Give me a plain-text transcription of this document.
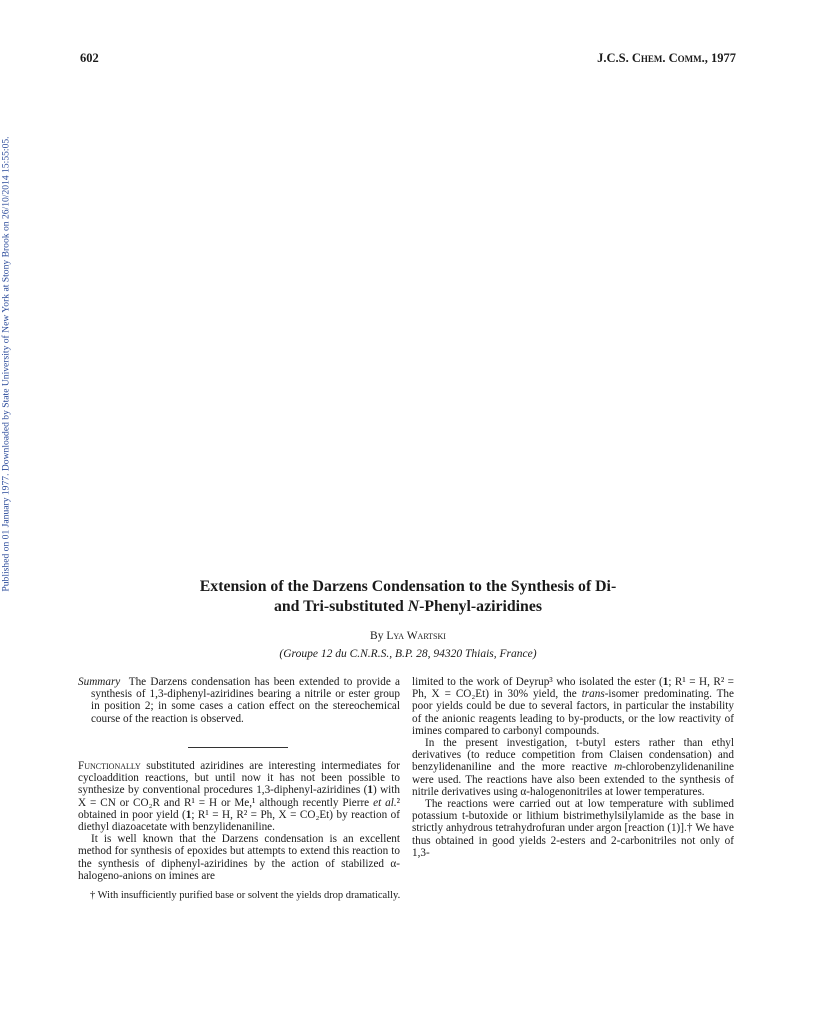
602	J.C.S. Chem. Comm., 1977
Published on 01 January 1977. Downloaded by State University of New York at Stony Brook on 26/10/2014 15:55:05.	Extension of the Darzens Condensation to the Synthesis of Di-
and Tri-substituted N-Phenyl-aziridines
By Lya Wartski
(Groupe 12 du C.N.R.S., B.P. 28, 94320 Thiais, France)

Summary The Darzens condensation has been extended to provide a synthesis of 1,3-diphenyl-aziridines bearing a nitrile or ester group in position 2; in some cases a cation effect on the stereochemical course of the reaction is observed.

Functionally substituted aziridines are interesting intermediates for cycloaddition reactions, but until now it has not been possible to synthesize by conventional procedures 1,3-diphenyl-aziridines (1) with X = CN or CO₂R and R¹ = H or Me,¹ although recently Pierre et al.² obtained in poor yield (1; R¹ = H, R² = Ph, X = CO₂Et) by reaction of diethyl diazoacetate with benzylidenaniline.

It is well known that the Darzens condensation is an excellent method for synthesis of epoxides but attempts to extend this reaction to the synthesis of diphenyl-aziridines by the action of stabilized α-halogeno-anions on imines are

limited to the work of Deyrup³ who isolated the ester (1; R¹ = H, R² = Ph, X = CO₂Et) in 30% yield, the trans-isomer predominating. The poor yields could be due to several factors, in particular the instability of the anionic reagents leading to by-products, or the low reactivity of imines compared to carbonyl compounds.

In the present investigation, t-butyl esters rather than ethyl derivatives (to reduce competition from Claisen condensation) and benzylidenaniline and the more reactive m-chlorobenzylidenaniline were used. The reactions have also been extended to the synthesis of nitrile derivatives using α-halogenonitriles at lower temperatures.

The reactions were carried out at low temperature with sublimed potassium t-butoxide or lithium bistrimethylsilylamide as the base in strictly anhydrous tetrahydrofuran under argon [reaction (1)].† We have thus obtained in good yields 2-esters and 2-carbonitriles not only of 1,3-

† With insufficiently purified base or solvent the yields drop dramatically.
